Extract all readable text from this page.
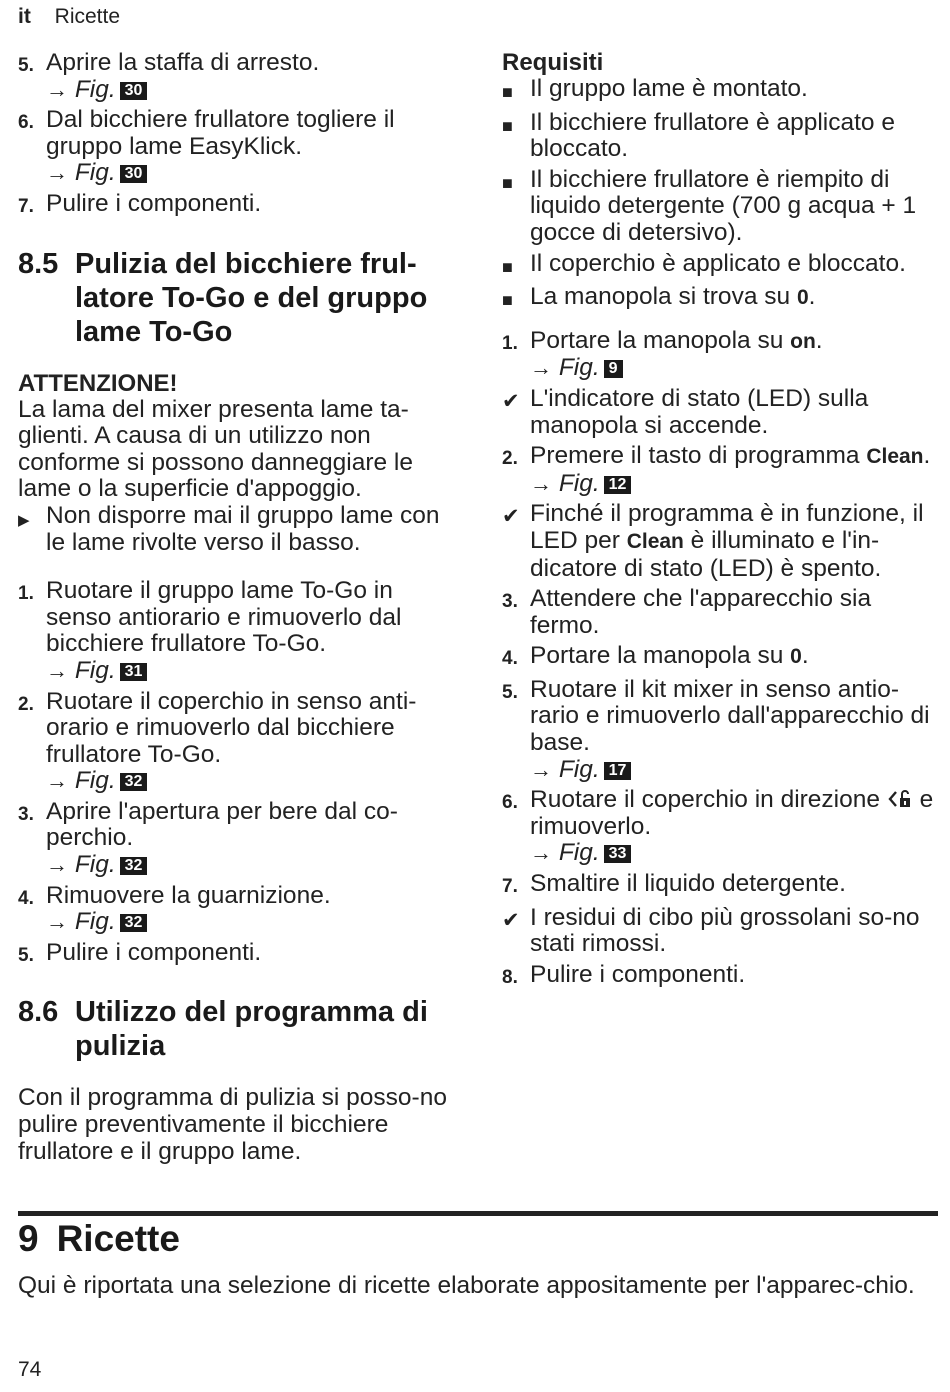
it Ricette
5. Aprire la staffa di arresto.
→ Fig. 30
6. Dal bicchiere frullatore togliere il gruppo lame EasyKlick.
→ Fig. 30
7. Pulire i componenti.
8.5 Pulizia del bicchiere frul-latore To-Go e del gruppo lame To-Go
ATTENZIONE!
La lama del mixer presenta lame ta-glienti. A causa di un utilizzo non conforme si possono danneggiare le lame o la superficie d'appoggio.
▶ Non disporre mai il gruppo lame con le lame rivolte verso il basso.
1. Ruotare il gruppo lame To-Go in senso antiorario e rimuoverlo dal bicchiere frullatore To-Go.
→ Fig. 31
2. Ruotare il coperchio in senso anti-orario e rimuoverlo dal bicchiere frullatore To-Go.
→ Fig. 32
3. Aprire l'apertura per bere dal co-perchio.
→ Fig. 32
4. Rimuovere la guarnizione.
→ Fig. 32
5. Pulire i componenti.
8.6 Utilizzo del programma di pulizia
Con il programma di pulizia si posso-no pulire preventivamente il bicchiere frullatore e il gruppo lame.
Requisiti
■ Il gruppo lame è montato.
■ Il bicchiere frullatore è applicato e bloccato.
■ Il bicchiere frullatore è riempito di liquido detergente (700 g acqua + 1 gocce di detersivo).
■ Il coperchio è applicato e bloccato.
■ La manopola si trova su 0.
1. Portare la manopola su on.
→ Fig. 9
✔ L'indicatore di stato (LED) sulla manopola si accende.
2. Premere il tasto di programma Clean.
→ Fig. 12
✔ Finché il programma è in funzione, il LED per Clean è illuminato e l'in-dicatore di stato (LED) è spento.
3. Attendere che l'apparecchio sia fermo.
4. Portare la manopola su 0.
5. Ruotare il kit mixer in senso antio-rario e rimuoverlo dall'apparecchio di base.
→ Fig. 17
6. Ruotare il coperchio in direzione  e rimuoverlo.
→ Fig. 33
7. Smaltire il liquido detergente.
✔ I residui di cibo più grossolani so-no stati rimossi.
8. Pulire i componenti.
9 Ricette
Qui è riportata una selezione di ricette elaborate appositamente per l'apparec-chio.
74
